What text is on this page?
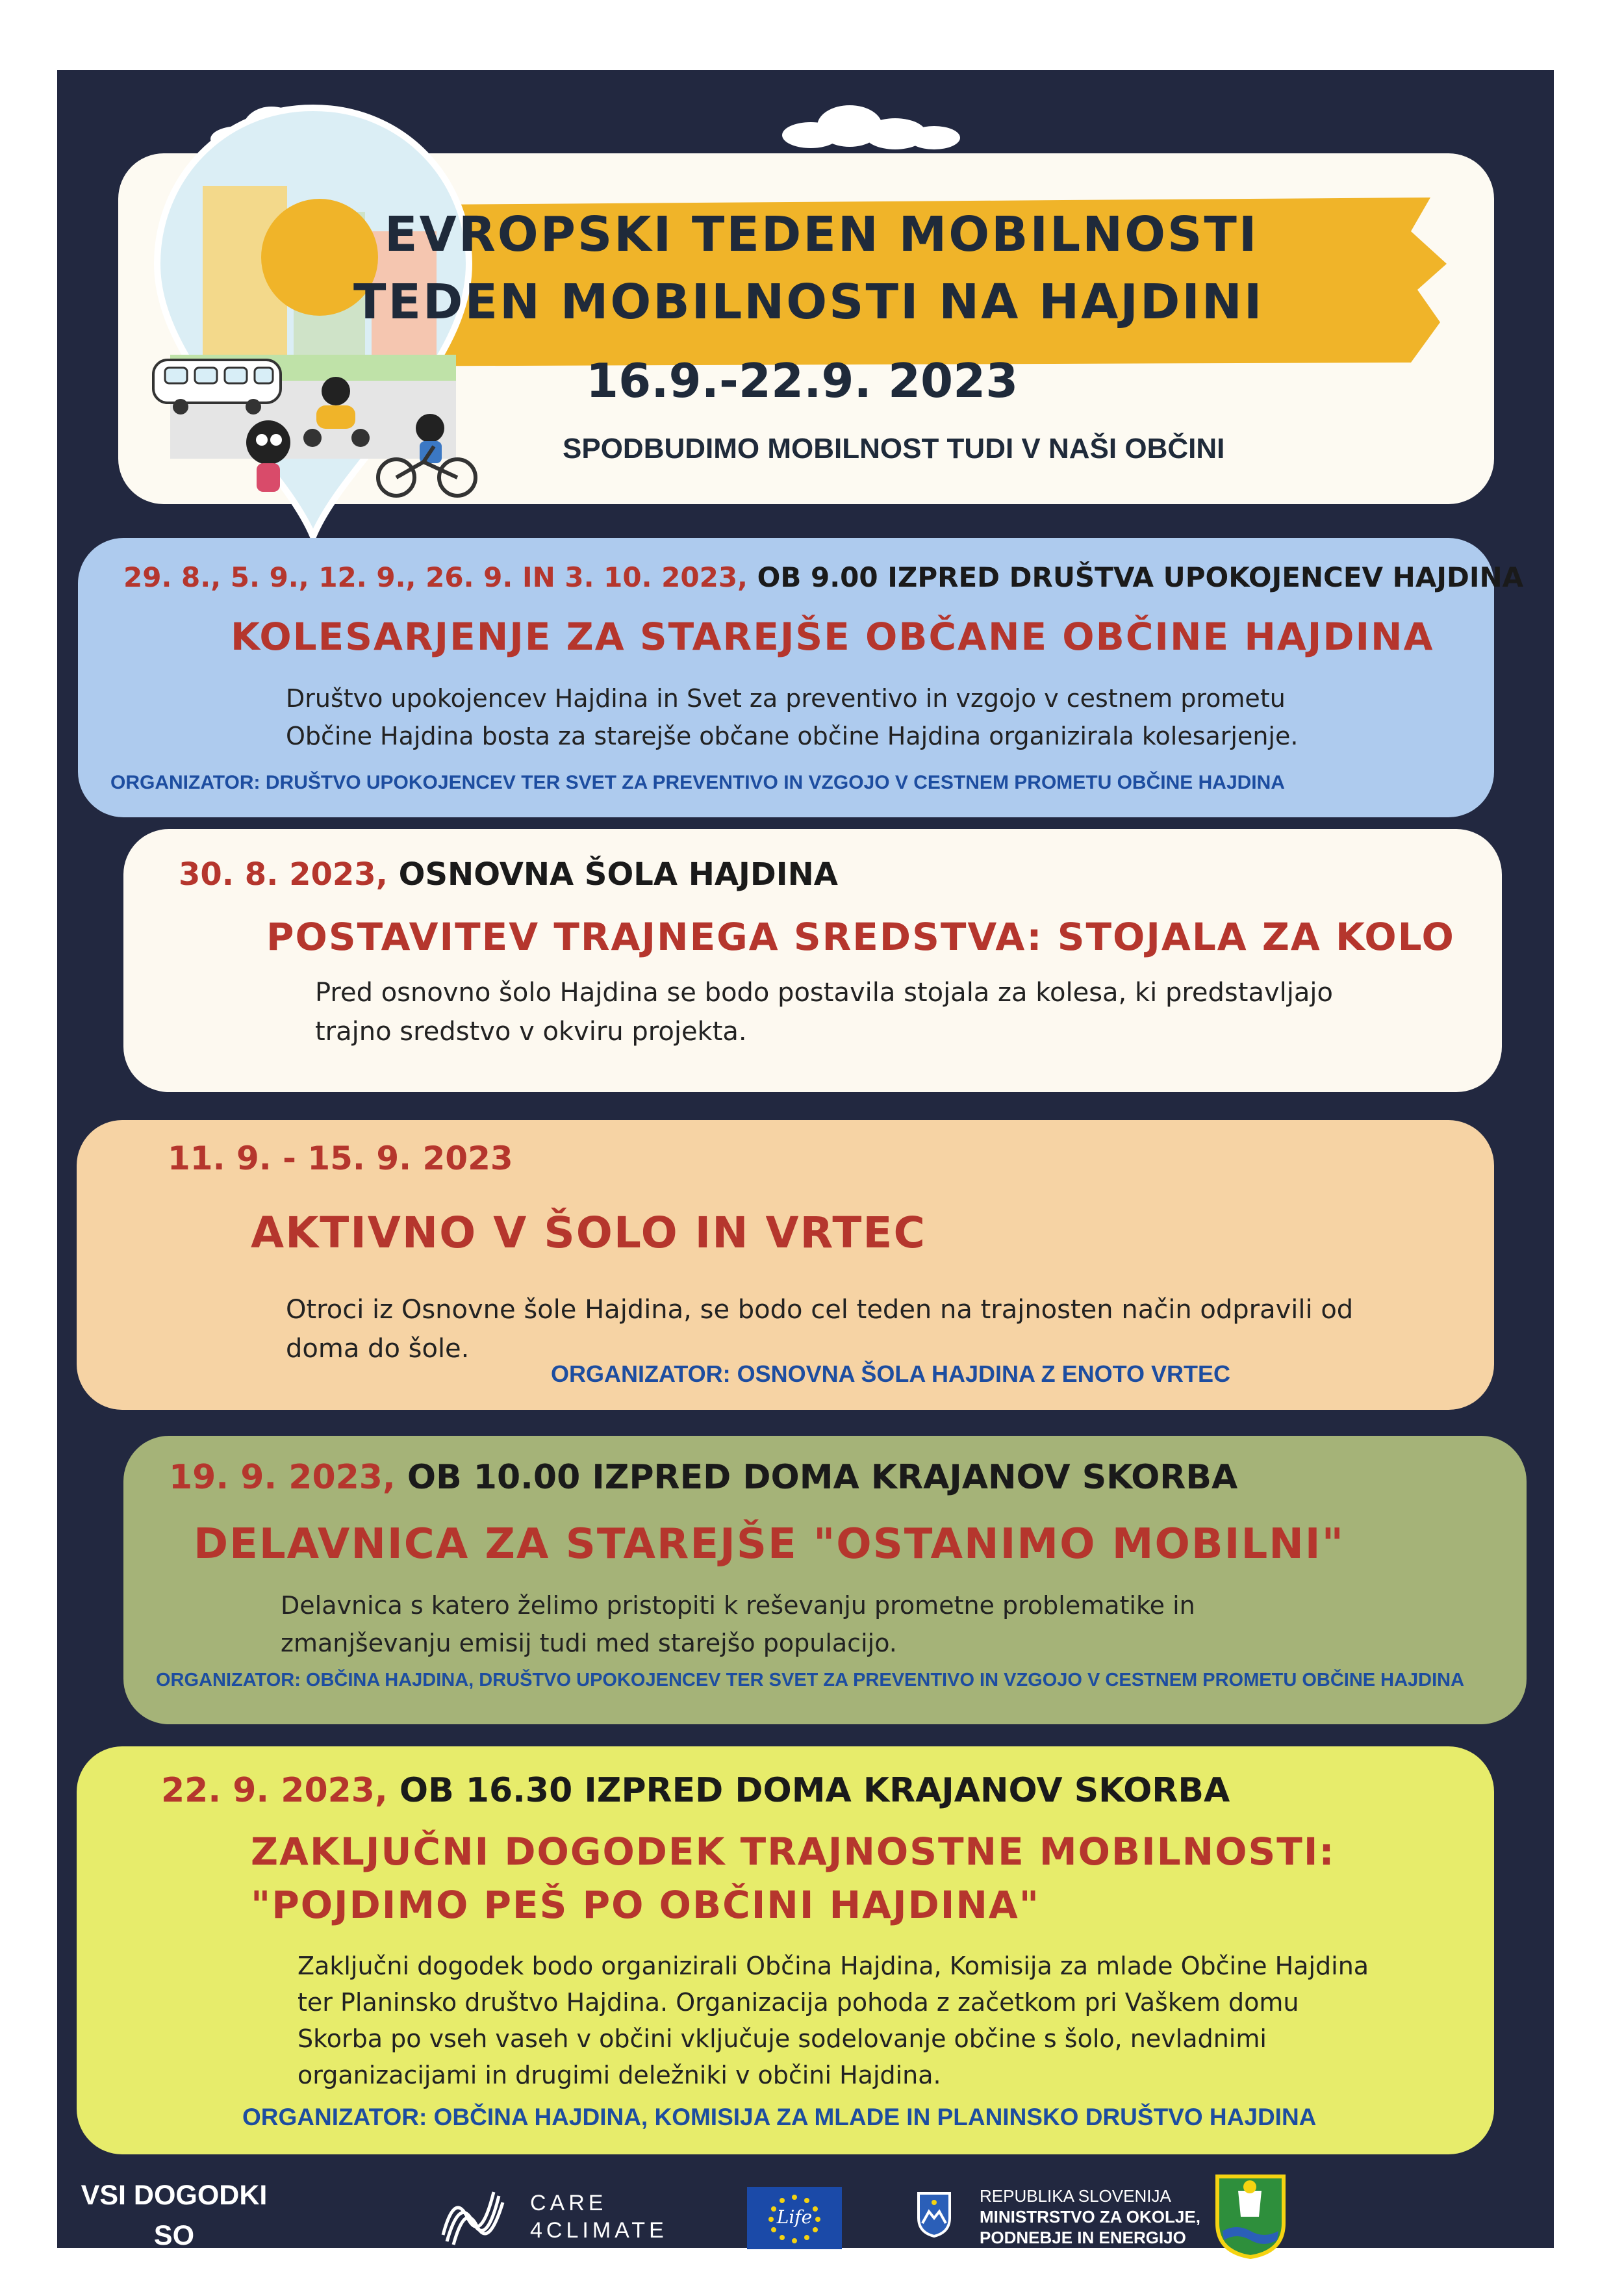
EVROPSKI TEDEN MOBILNOSTI
TEDEN MOBILNOSTI NA HAJDINI
16.9.-22.9. 2023
SPODBUDIMO MOBILNOST TUDI V NAŠI OBČINI
29. 8., 5. 9., 12. 9., 26. 9. IN 3. 10. 2023, OB 9.00 IZPRED DRUŠTVA UPOKOJENCEV HAJDINA
KOLESARJENJE ZA STAREJŠE OBČANE OBČINE HAJDINA

Društvo upokojencev Hajdina in Svet za preventivo in vzgojo v cestnem prometu

Občine Hajdina bosta za starejše občane občine Hajdina organizirala kolesarjenje.

ORGANIZATOR: DRUŠTVO UPOKOJENCEV TER SVET ZA PREVENTIVO IN VZGOJO V CESTNEM PROMETU OBČINE HAJDINA
30. 8. 2023, OSNOVNA ŠOLA HAJDINA
POSTAVITEV TRAJNEGA SREDSTVA: STOJALA ZA KOLO

Pred osnovno šolo Hajdina se bodo postavila stojala za kolesa, ki predstavljajo

trajno sredstvo v okviru projekta.

11. 9. - 15. 9. 2023
AKTIVNO V ŠOLO IN VRTEC

Otroci iz Osnovne šole Hajdina, se bodo cel teden na trajnosten način odpravili od

doma do šole.

ORGANIZATOR: OSNOVNA ŠOLA HAJDINA Z ENOTO VRTEC
19. 9. 2023, OB 10.00 IZPRED DOMA KRAJANOV SKORBA
DELAVNICA ZA STAREJŠE "OSTANIMO MOBILNI"

Delavnica s katero želimo pristopiti k reševanju prometne problematike in

zmanjševanju emisij tudi med starejšo populacijo.

ORGANIZATOR: OBČINA HAJDINA, DRUŠTVO UPOKOJENCEV TER SVET ZA PREVENTIVO IN VZGOJO V CESTNEM PROMETU OBČINE HAJDINA
22. 9. 2023, OB 16.30 IZPRED DOMA KRAJANOV SKORBA
ZAKLJUČNI DOGODEK TRAJNOSTNE MOBILNOSTI:
"POJDIMO PEŠ PO OBČINI HAJDINA"

Zaključni dogodek bodo organizirali Občina Hajdina, Komisija za mlade Občine Hajdina

ter Planinsko društvo Hajdina. Organizacija pohoda z začetkom pri Vaškem domu

Skorba po vseh vaseh v občini vključuje sodelovanje občine s šolo, nevladnimi

organizacijami in drugimi deležniki v občini Hajdina.

ORGANIZATOR: OBČINA HAJDINA, KOMISIJA ZA MLADE IN PLANINSKO DRUŠTVO HAJDINA
VSI DOGODKI SO
BREZPLAČNI
CARE
4CLIMATE
Life
REPUBLIKA SLOVENIJA
MINISTRSTVO ZA OKOLJE,
PODNEBJE IN ENERGIJO
